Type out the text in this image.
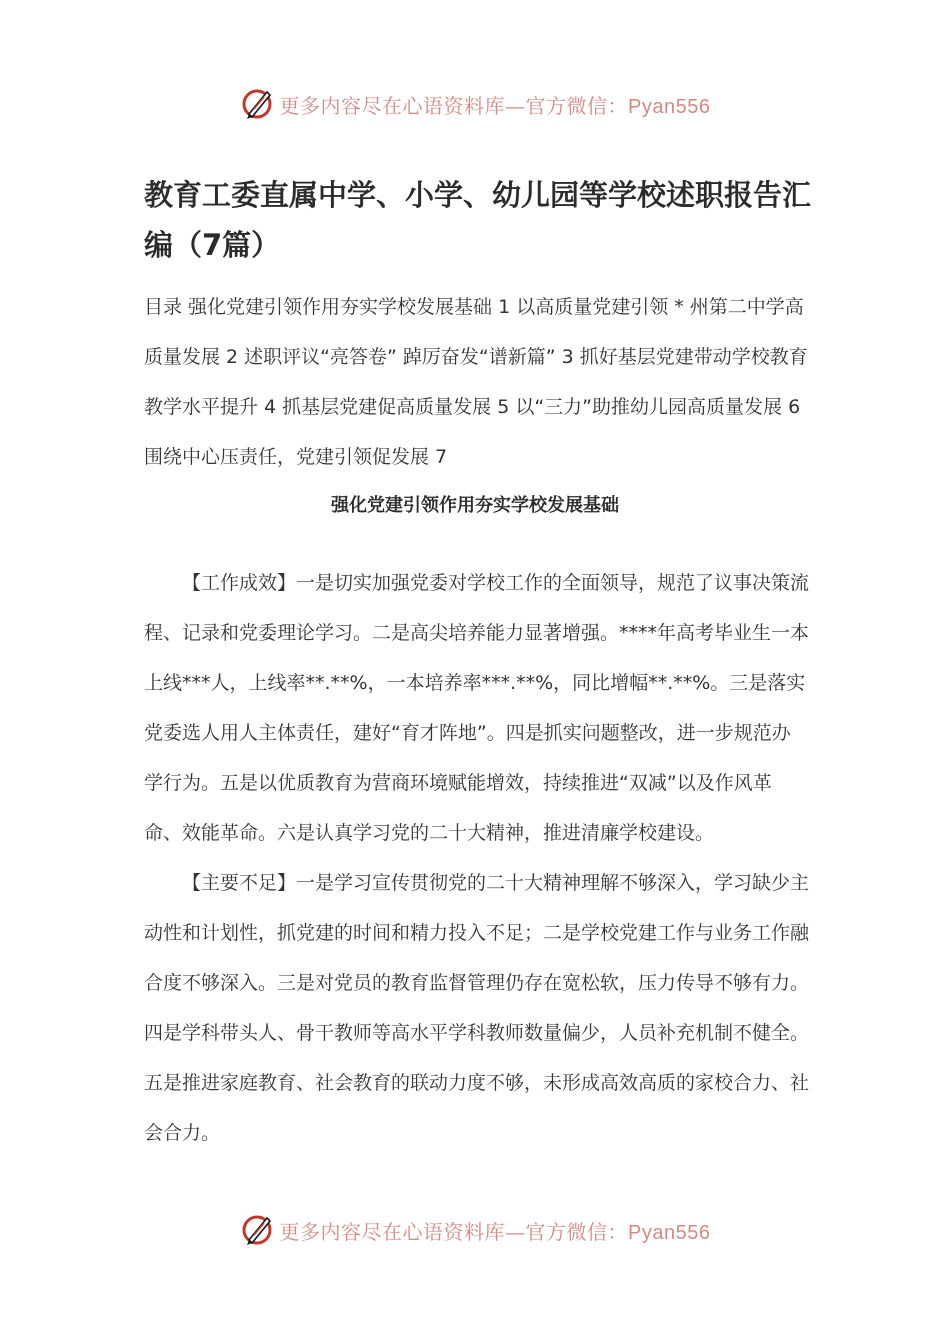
更多内容尽在心语资料库—官方微信：Pyan556
教育工委直属中学、小学、幼儿园等学校述职报告汇编（7篇）

目录 强化党建引领作用夯实学校发展基础 1 以高质量党建引领 * 州第二中学高质量发展 2 述职评议“亮答卷” 踔厉奋发“谱新篇” 3 抓好基层党建带动学校教育教学水平提升 4 抓基层党建促高质量发展 5 以“三力”助推幼儿园高质量发展 6 围绕中心压责任，党建引领促发展 7

强化党建引领作用夯实学校发展基础

【工作成效】一是切实加强党委对学校工作的全面领导，规范了议事决策流程、记录和党委理论学习。二是高尖培养能力显著增强。****年高考毕业生一本上线***人，上线率**.**%，一本培养率***.**%，同比增幅**.**%。三是落实党委选人用人主体责任，建好“育才阵地”。四是抓实问题整改，进一步规范办学行为。五是以优质教育为营商环境赋能增效，持续推进“双减”以及作风革命、效能革命。六是认真学习党的二十大精神，推进清廉学校建设。

【主要不足】一是学习宣传贯彻党的二十大精神理解不够深入，学习缺少主动性和计划性，抓党建的时间和精力投入不足；二是学校党建工作与业务工作融合度不够深入。三是对党员的教育监督管理仍存在宽松软，压力传导不够有力。四是学科带头人、骨干教师等高水平学科教师数量偏少，人员补充机制不健全。五是推进家庭教育、社会教育的联动力度不够，未形成高效高质的家校合力、社会合力。

更多内容尽在心语资料库—官方微信：Pyan556
